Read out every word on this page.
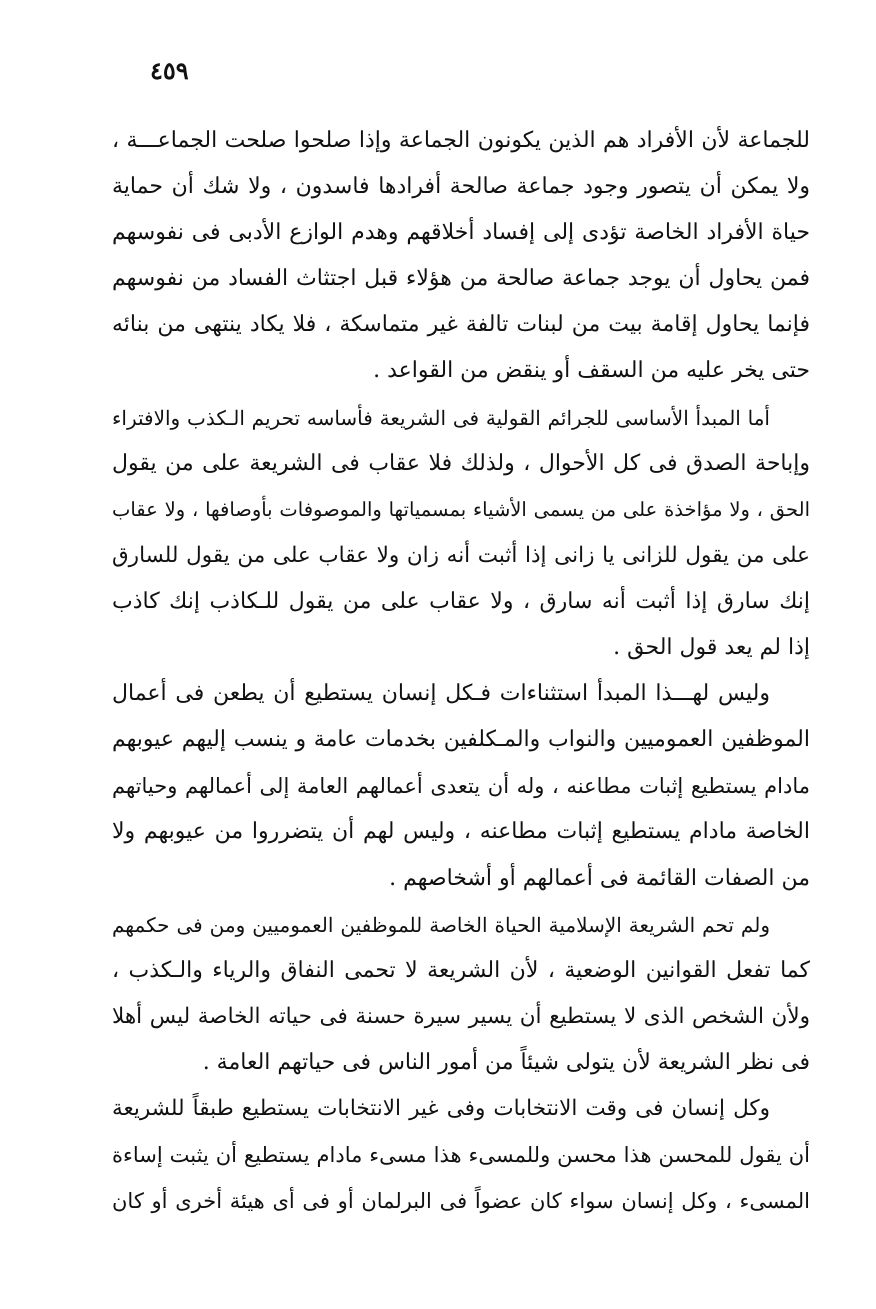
٤٥٩
للجماعة لأن الأفراد هم الذين يكونون الجماعة وإذا صلحوا صلحت الجماعـــة ،
ولا يمكن أن يتصور وجود جماعة صالحة أفرادها فاسدون ، ولا شك أن حماية
حياة الأفراد الخاصة تؤدى إلى إفساد أخلاقهم وهدم الوازع الأدبى فى نفوسهم
فمن يحاول أن يوجد جماعة صالحة من هؤلاء قبل اجتثاث الفساد من نفوسهم
فإنما يحاول إقامة بيت من لبنات تالفة غير متماسكة ، فلا يكاد ينتهى من بنائه
حتى يخر عليه من السقف أو ينقض من القواعد .
أما المبدأ الأساسى للجرائم القولية فى الشريعة فأساسه تحريم الـكذب والافتراء
وإباحة الصدق فى كل الأحوال ، ولذلك فلا عقاب فى الشريعة على من يقول
الحق ، ولا مؤاخذة على من يسمى الأشياء بمسمياتها والموصوفات بأوصافها ، ولا عقاب
على من يقول للزانى يا زانى إذا أثبت أنه زان ولا عقاب على من يقول للسارق
إنك سارق إذا أثبت أنه سارق ، ولا عقاب على من يقول للـكاذب إنك كاذب
إذا لم يعد قول الحق .
وليس لهـــذا المبدأ استثناءات فـكل إنسان يستطيع أن يطعن فى أعمال
الموظفين العموميين والنواب والمـكلفين بخدمات عامة و ينسب إليهم عيوبهم
مادام يستطيع إثبات مطاعنه ، وله أن يتعدى أعمالهم العامة إلى أعمالهم وحياتهم
الخاصة مادام يستطيع إثبات مطاعنه ، وليس لهم أن يتضرروا من عيوبهم ولا
من الصفات القائمة فى أعمالهم أو أشخاصهم .
ولم تحم الشريعة الإسلامية الحياة الخاصة للموظفين العموميين ومن فى حكمهم
كما تفعل القوانين الوضعية ، لأن الشريعة لا تحمى النفاق والرياء والـكذب ،
ولأن الشخص الذى لا يستطيع أن يسير سيرة حسنة فى حياته الخاصة ليس أهلا
فى نظر الشريعة لأن يتولى شيئاً من أمور الناس فى حياتهم العامة .
وكل إنسان فى وقت الانتخابات وفى غير الانتخابات يستطيع طبقاً للشريعة
أن يقول للمحسن هذا محسن وللمسىء هذا مسىء مادام يستطيع أن يثبت إساءة
المسىء ، وكل إنسان سواء كان عضواً فى البرلمان أو فى أى هيئة أخرى أو كان
